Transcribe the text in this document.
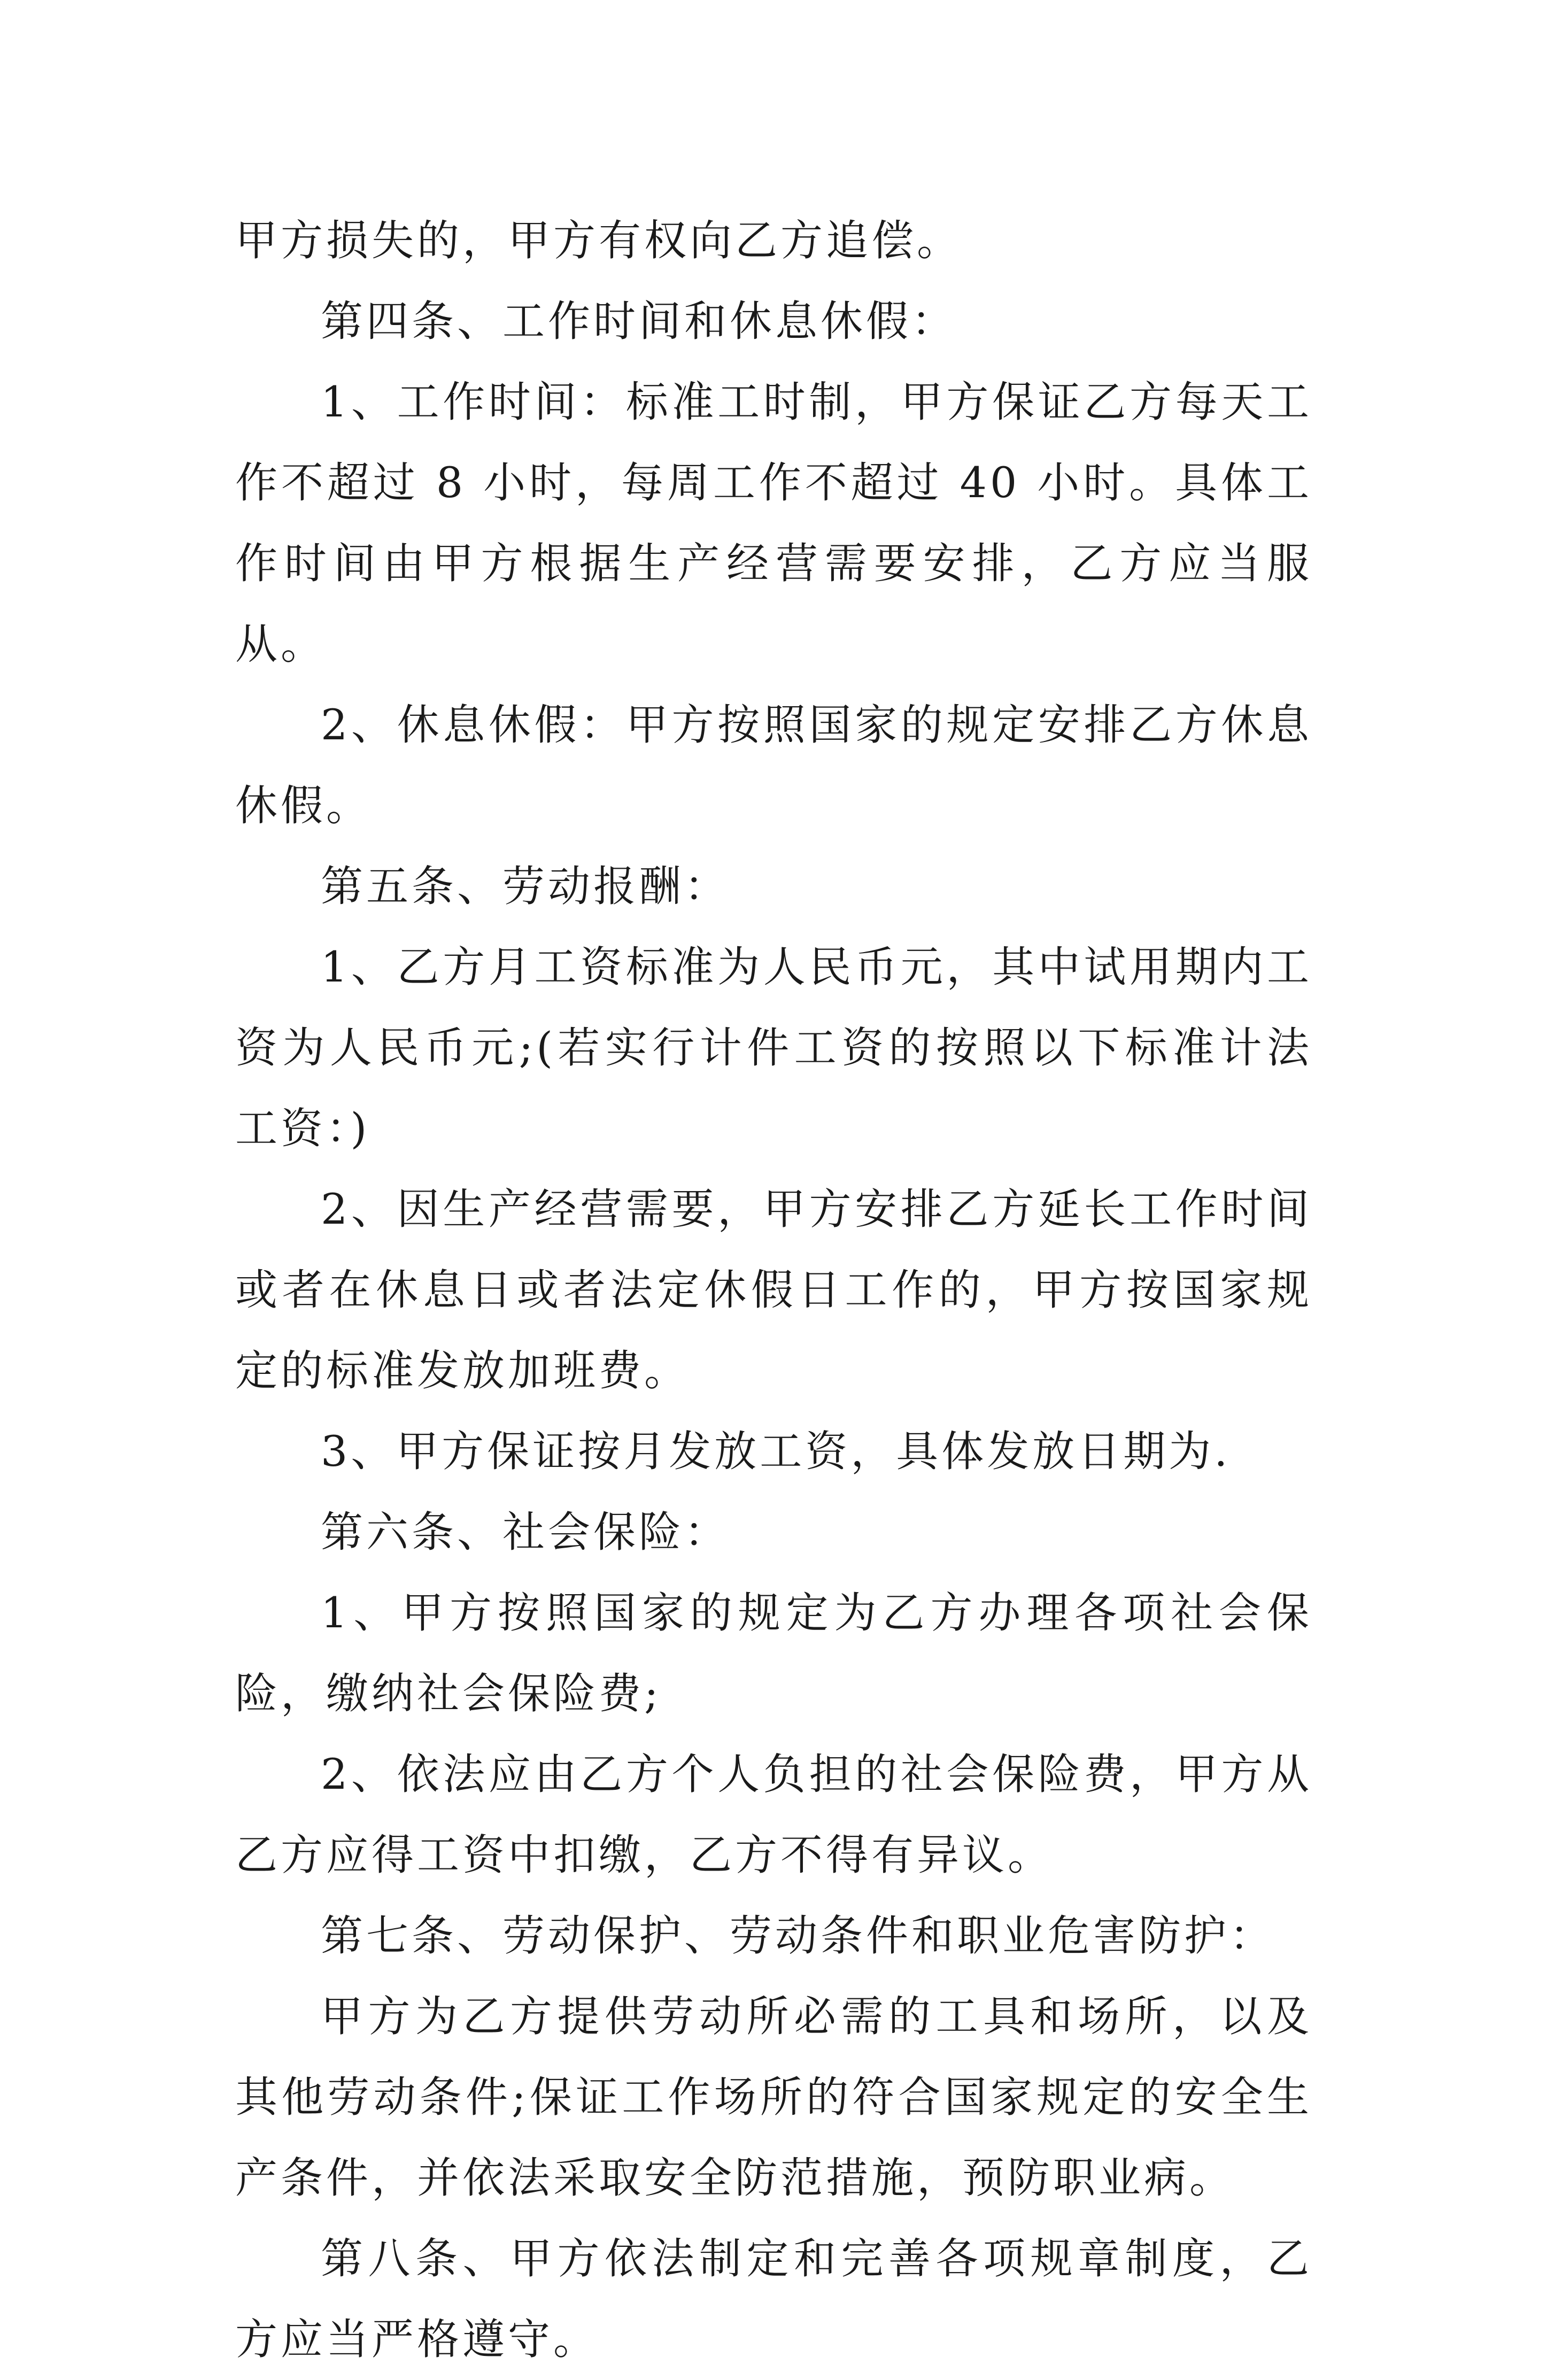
甲方损失的，甲方有权向乙方追偿。

第四条、工作时间和休息休假：

1、工作时间：标准工时制，甲方保证乙方每天工作不超过 8 小时，每周工作不超过 40 小时。具体工作时间由甲方根据生产经营需要安排，乙方应当服从。

2、休息休假：甲方按照国家的规定安排乙方休息休假。

第五条、劳动报酬：

1、乙方月工资标准为人民币元，其中试用期内工资为人民币元;(若实行计件工资的按照以下标准计法工资：)

2、因生产经营需要，甲方安排乙方延长工作时间或者在休息日或者法定休假日工作的，甲方按国家规定的标准发放加班费。

3、甲方保证按月发放工资，具体发放日期为.

第六条、社会保险：

1、甲方按照国家的规定为乙方办理各项社会保险，缴纳社会保险费;

2、依法应由乙方个人负担的社会保险费，甲方从乙方应得工资中扣缴，乙方不得有异议。

第七条、劳动保护、劳动条件和职业危害防护：

甲方为乙方提供劳动所必需的工具和场所，以及其他劳动条件;保证工作场所的符合国家规定的安全生产条件，并依法采取安全防范措施，预防职业病。

第八条、甲方依法制定和完善各项规章制度，乙方应当严格遵守。
